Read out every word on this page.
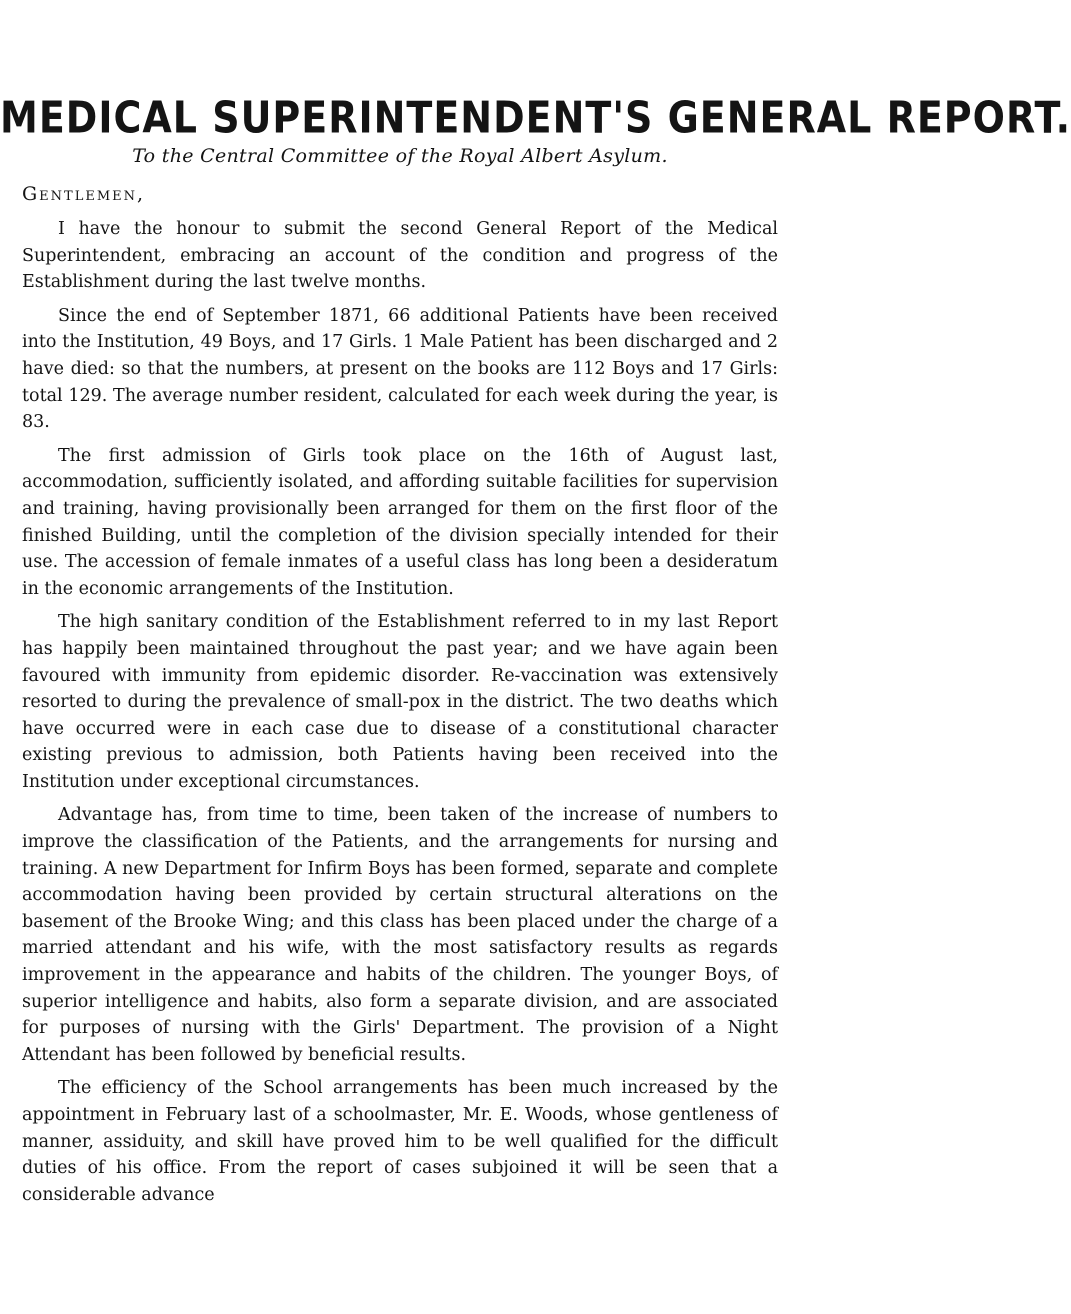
MEDICAL SUPERINTENDENT'S GENERAL REPORT.
To the Central Committee of the Royal Albert Asylum.
Gentlemen,

I have the honour to submit the second General Report of the Medical Superintendent, embracing an account of the condition and progress of the Establishment during the last twelve months.

Since the end of September 1871, 66 additional Patients have been received into the Institution, 49 Boys, and 17 Girls. 1 Male Patient has been discharged and 2 have died: so that the numbers, at present on the books are 112 Boys and 17 Girls: total 129. The average number resident, calculated for each week during the year, is 83.

The first admission of Girls took place on the 16th of August last, accommodation, sufficiently isolated, and affording suitable facilities for supervision and training, having provisionally been arranged for them on the first floor of the finished Building, until the completion of the division specially intended for their use. The accession of female inmates of a useful class has long been a desideratum in the economic arrangements of the Institution.

The high sanitary condition of the Establishment referred to in my last Report has happily been maintained throughout the past year; and we have again been favoured with immunity from epidemic disorder. Re-vaccination was extensively resorted to during the prevalence of small-pox in the district. The two deaths which have occurred were in each case due to disease of a constitutional character existing previous to admission, both Patients having been received into the Institution under exceptional circumstances.

Advantage has, from time to time, been taken of the increase of numbers to improve the classification of the Patients, and the arrangements for nursing and training. A new Department for Infirm Boys has been formed, separate and complete accommodation having been provided by certain structural alterations on the basement of the Brooke Wing; and this class has been placed under the charge of a married attendant and his wife, with the most satisfactory results as regards improvement in the appearance and habits of the children. The younger Boys, of superior intelligence and habits, also form a separate division, and are associated for purposes of nursing with the Girls' Department. The provision of a Night Attendant has been followed by beneficial results.

The efficiency of the School arrangements has been much increased by the appointment in February last of a schoolmaster, Mr. E. Woods, whose gentleness of manner, assiduity, and skill have proved him to be well qualified for the difficult duties of his office. From the report of cases subjoined it will be seen that a considerable advance
